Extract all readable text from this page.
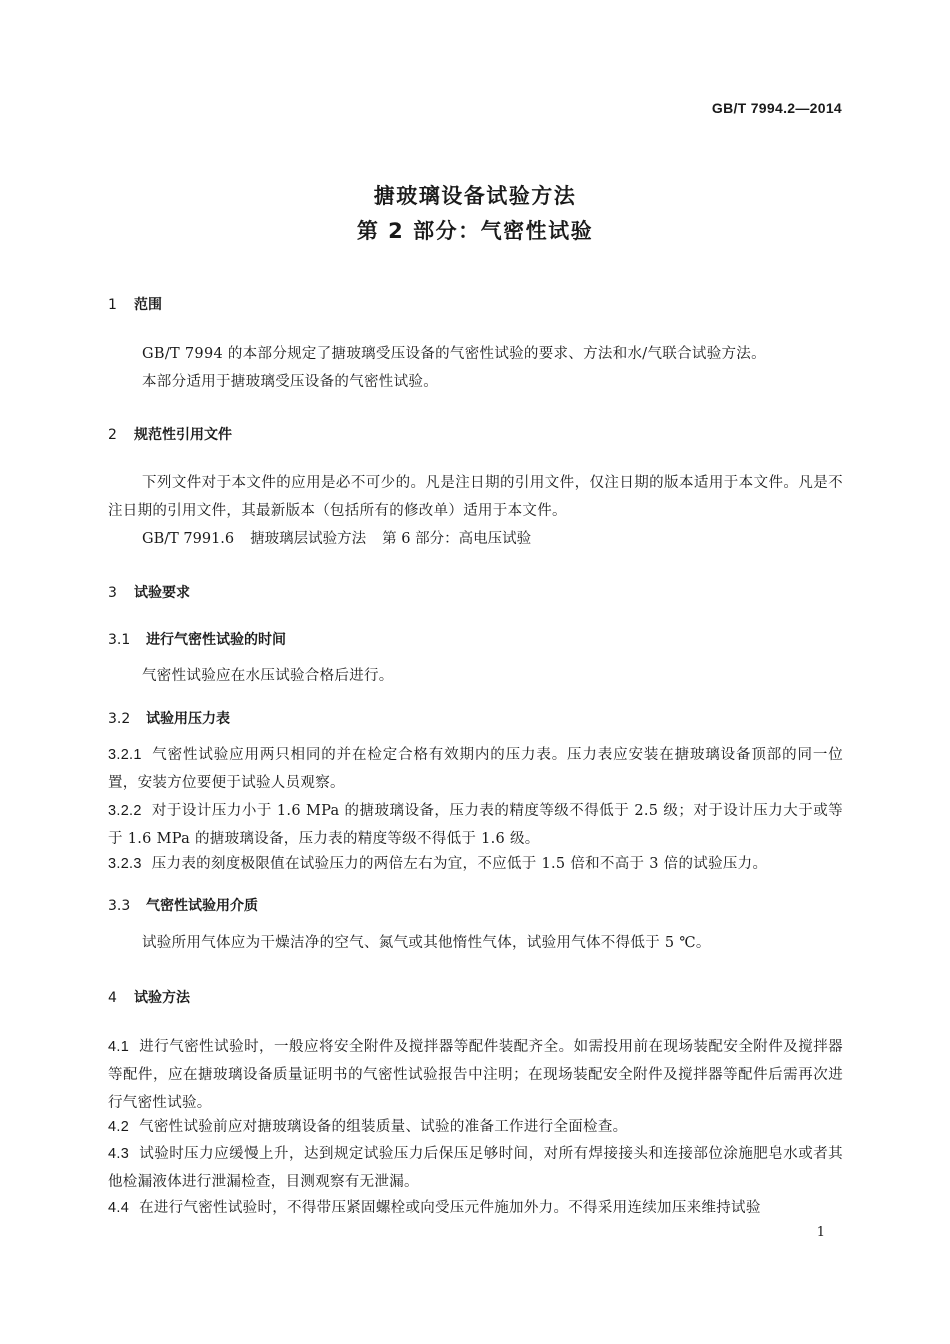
GB/T 7994.2—2014
搪玻璃设备试验方法
第 2 部分：气密性试验
1 范围
GB/T 7994 的本部分规定了搪玻璃受压设备的气密性试验的要求、方法和水/气联合试验方法。
本部分适用于搪玻璃受压设备的气密性试验。
2 规范性引用文件
下列文件对于本文件的应用是必不可少的。凡是注日期的引用文件，仅注日期的版本适用于本文件。凡是不注日期的引用文件，其最新版本（包括所有的修改单）适用于本文件。
GB/T 7991.6 搪玻璃层试验方法 第 6 部分：高电压试验
3 试验要求
3.1 进行气密性试验的时间
气密性试验应在水压试验合格后进行。
3.2 试验用压力表
3.2.1 气密性试验应用两只相同的并在检定合格有效期内的压力表。压力表应安装在搪玻璃设备顶部的同一位置，安装方位要便于试验人员观察。
3.2.2 对于设计压力小于 1.6 MPa 的搪玻璃设备，压力表的精度等级不得低于 2.5 级；对于设计压力大于或等于 1.6 MPa 的搪玻璃设备，压力表的精度等级不得低于 1.6 级。
3.2.3 压力表的刻度极限值在试验压力的两倍左右为宜，不应低于 1.5 倍和不高于 3 倍的试验压力。
3.3 气密性试验用介质
试验所用气体应为干燥洁净的空气、氮气或其他惰性气体，试验用气体不得低于 5 ℃。
4 试验方法
4.1 进行气密性试验时，一般应将安全附件及搅拌器等配件装配齐全。如需投用前在现场装配安全附件及搅拌器等配件，应在搪玻璃设备质量证明书的气密性试验报告中注明；在现场装配安全附件及搅拌器等配件后需再次进行气密性试验。
4.2 气密性试验前应对搪玻璃设备的组装质量、试验的准备工作进行全面检查。
4.3 试验时压力应缓慢上升，达到规定试验压力后保压足够时间，对所有焊接接头和连接部位涂施肥皂水或者其他检漏液体进行泄漏检查，目测观察有无泄漏。
4.4 在进行气密性试验时，不得带压紧固螺栓或向受压元件施加外力。不得采用连续加压来维持试验
1
